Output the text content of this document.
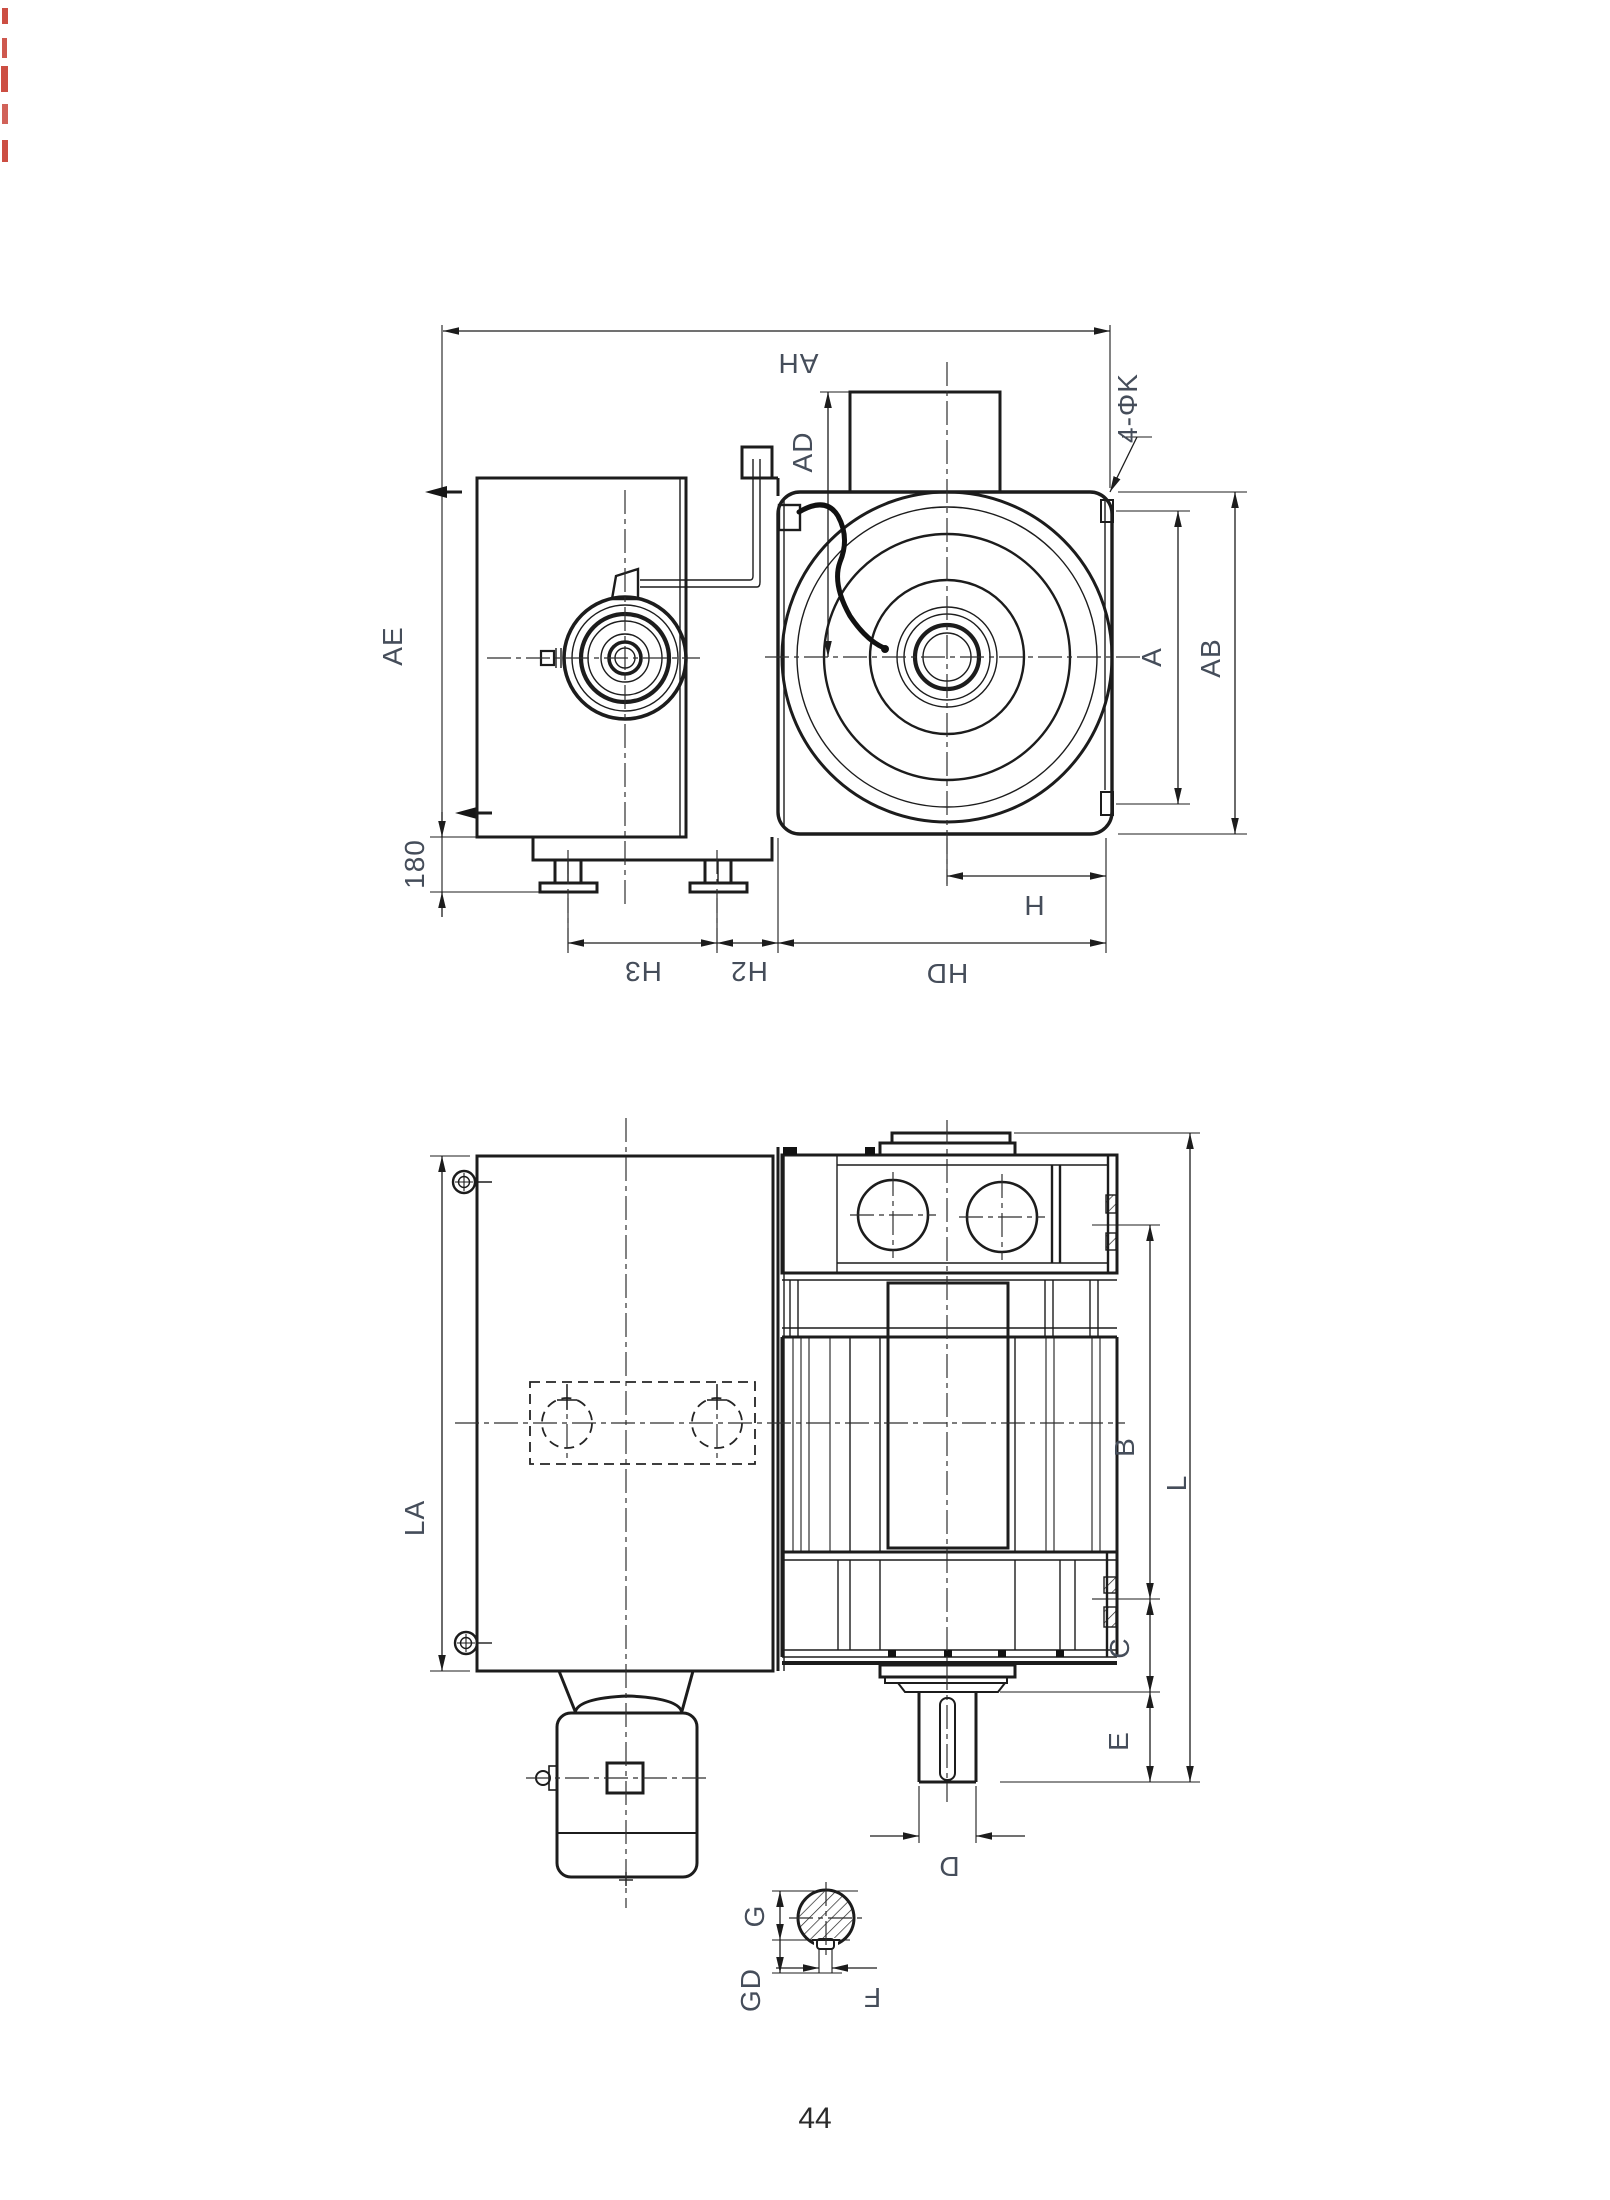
AH
AD
AE
4-ΦK
A AB
180
H
H3 H2	HD
LA
B
L
C
E
D
G
GD	F
44
